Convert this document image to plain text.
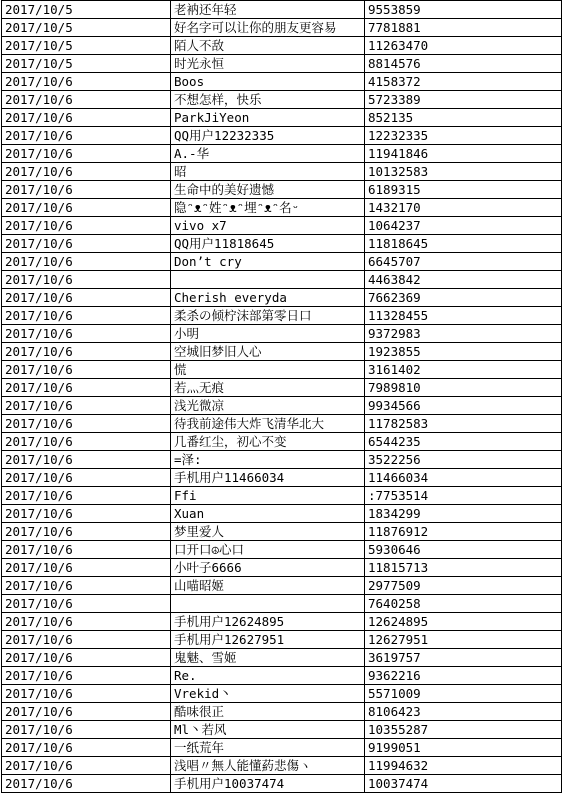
2017/10/5	老衲还年轻	9553859
2017/10/5	好名字可以让你的朋友更容易	7781881
2017/10/5	陌人不敌	11263470
2017/10/5	时光永恒	8814576
2017/10/6	Boos	4158372
2017/10/6	不想怎样，快乐	5723389
2017/10/6	ParkJiYeon	852135
2017/10/6	QQ用户12232335	12232335
2017/10/6	A.-华	11941846
2017/10/6	昭	10132583
2017/10/6	生命中的美好遗憾	6189315
2017/10/6	隐ᵔᴥᵔ姓ᵔᴥᵔ埋ᵔᴥᵔ名ᵕ	1432170
2017/10/6	vivo x7	1064237
2017/10/6	QQ用户11818645	11818645
2017/10/6	Don’t cry	6645707
2017/10/6		4463842
2017/10/6	Cherish everyda	7662369
2017/10/6	柔杀の倾柠沫部第零日口	11328455
2017/10/6	小明	9372983
2017/10/6	空城旧梦旧人心	1923855
2017/10/6	慌	3161402
2017/10/6	若灬无痕	7989810
2017/10/6	浅光微凉	9934566
2017/10/6	待我前途伟大炸飞清华北大	11782583
2017/10/6	几番红尘，初心不变	6544235
2017/10/6	=泽:	3522256
2017/10/6	手机用户11466034	11466034
2017/10/6	Ffi	:7753514
2017/10/6	Xuan	1834299
2017/10/6	梦里爱人	11876912
2017/10/6	口开口☮心口	5930646
2017/10/6	小叶子6666	11815713
2017/10/6	山喵昭姬	2977509
2017/10/6		7640258
2017/10/6	手机用户12624895	12624895
2017/10/6	手机用户12627951	12627951
2017/10/6	鬼魅、雪姬	3619757
2017/10/6	Re.	9362216
2017/10/6	Vrekid丶	5571009
2017/10/6	酷味很正	8106423
2017/10/6	Ml丶若风	10355287
2017/10/6	一纸荒年	9199051
2017/10/6	浅唱〃無人能懂葯悲傷ヽ	11994632
2017/10/6	手机用户10037474	10037474
